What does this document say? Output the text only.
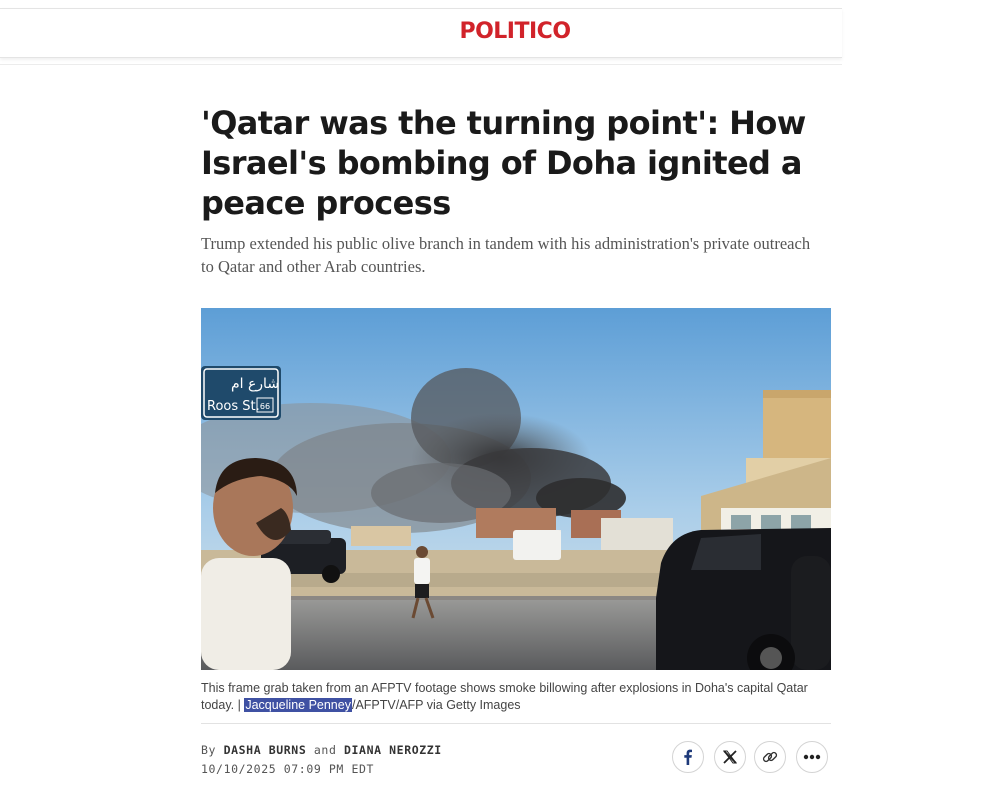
POLITICO
'Qatar was the turning point': How Israel's bombing of Doha ignited a peace process

Trump extended his public olive branch in tandem with his administration's private outreach to Qatar and other Arab countries.

شارع ام
Roos St. 66

This frame grab taken from an AFPTV footage shows smoke billowing after explosions in Doha's capital Qatar today. | Jacqueline Penney/AFPTV/AFP via Getty Images

By DASHA BURNS and DIANA NEROZZI
10/10/2025 07:09 PM EDT
